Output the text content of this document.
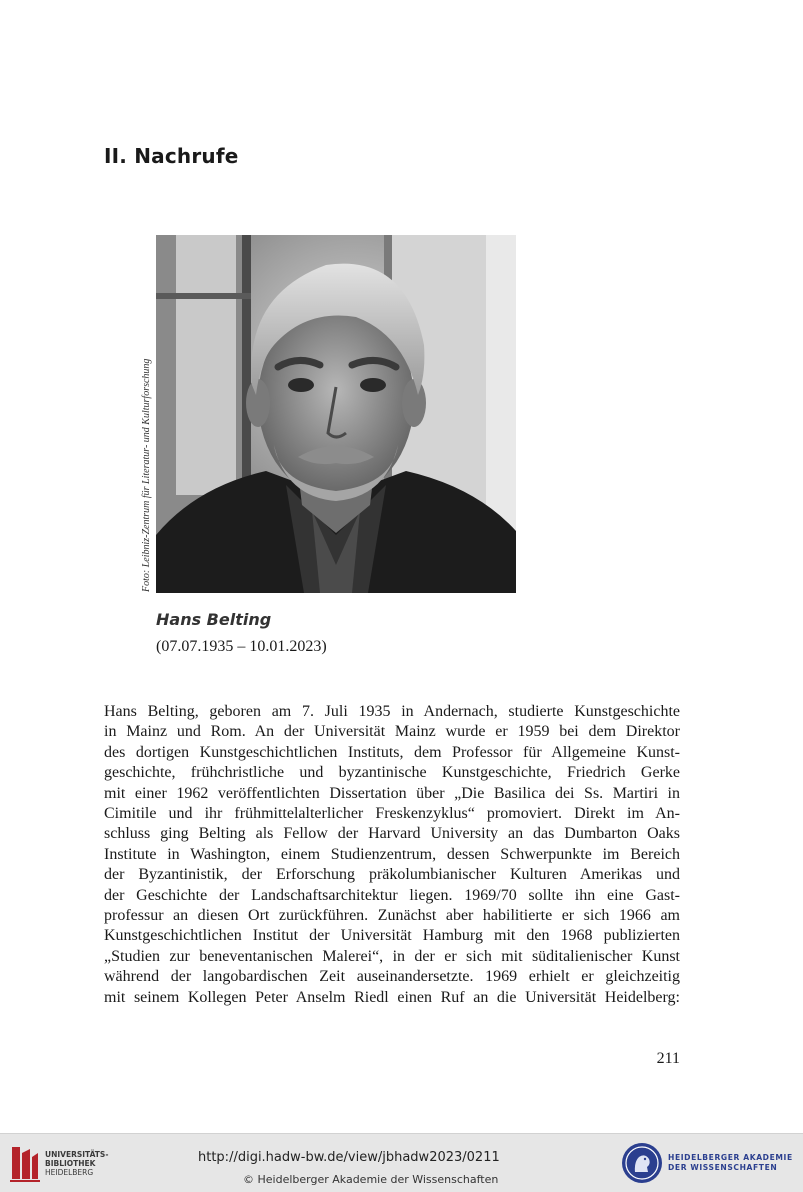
II. Nachrufe
Foto: Leibniz-Zentrum für Literatur- und Kulturforschung
Hans Belting
(07.07.1935 – 10.01.2023)
Hans Belting, geboren am 7. Juli 1935 in Andernach, studierte Kunstgeschichte
in Mainz und Rom. An der Universität Mainz wurde er 1959 bei dem Direktor
des dortigen Kunstgeschichtlichen Instituts, dem Professor für Allgemeine Kunst-
geschichte, frühchristliche und byzantinische Kunstgeschichte, Friedrich Gerke
mit einer 1962 veröffentlichten Dissertation über „Die Basilica dei Ss. Martiri in
Cimitile und ihr frühmittelalterlicher Freskenzyklus“ promoviert. Direkt im An-
schluss ging Belting als Fellow der Harvard University an das Dumbarton Oaks
Institute in Washington, einem Studienzentrum, dessen Schwerpunkte im Bereich
der Byzantinistik, der Erforschung präkolumbianischer Kulturen Amerikas und
der Geschichte der Landschaftsarchitektur liegen. 1969/70 sollte ihn eine Gast-
professur an diesen Ort zurückführen. Zunächst aber habilitierte er sich 1966 am
Kunstgeschichtlichen Institut der Universität Hamburg mit den 1968 publizierten
„Studien zur beneventanischen Malerei“, in der er sich mit süditalienischer Kunst
während der langobardischen Zeit auseinandersetzte. 1969 erhielt er gleichzeitig
mit seinem Kollegen Peter Anselm Riedl einen Ruf an die Universität Heidelberg:
211
UNIVERSITÄTS-
BIBLIOTHEK
HEIDELBERG
http://digi.hadw-bw.de/view/jbhadw2023/0211
© Heidelberger Akademie der Wissenschaften
HEIDELBERGER AKADEMIE
DER WISSENSCHAFTEN
